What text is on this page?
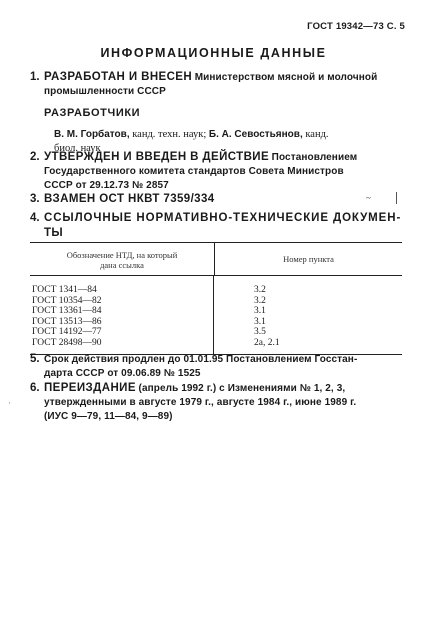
ГОСТ 19342—73 С. 5
ИНФОРМАЦИОННЫЕ ДАННЫЕ
1. РАЗРАБОТАН И ВНЕСЕН Министерством мясной и молочной
промышленности СССР
РАЗРАБОТЧИКИ
В. М. Горбатов, канд. техн. наук; Б. А. Севостьянов, канд.
биол. наук
2. УТВЕРЖДЕН И ВВЕДЕН В ДЕЙСТВИЕ Постановлением
Государственного комитета стандартов Совета Министров
СССР от 29.12.73 № 2857
3. ВЗАМЕН ОСТ НКВТ 7359/334	~
4. ССЫЛОЧНЫЕ НОРМАТИВНО-ТЕХНИЧЕСКИЕ ДОКУМЕН-
ТЫ
Обозначение НТД, на который
дана ссылка
Номер пункта
ГОСТ 1341—84
ГОСТ 10354—82
ГОСТ 13361—84
ГОСТ 13513—86
ГОСТ 14192—77
ГОСТ 28498—90
3.2
3.2
3.1
3.1
3.5
2а, 2.1
5. Срок действия продлен до 01.01.95 Постановлением Госстан-
дарта СССР от 09.06.89 № 1525
6. ПЕРЕИЗДАНИЕ (апрель 1992 г.) с Изменениями № 1, 2, 3,
утвержденными в августе 1979 г., августе 1984 г., июне 1989 г.
(ИУС 9—79, 11—84, 9—89)
·
